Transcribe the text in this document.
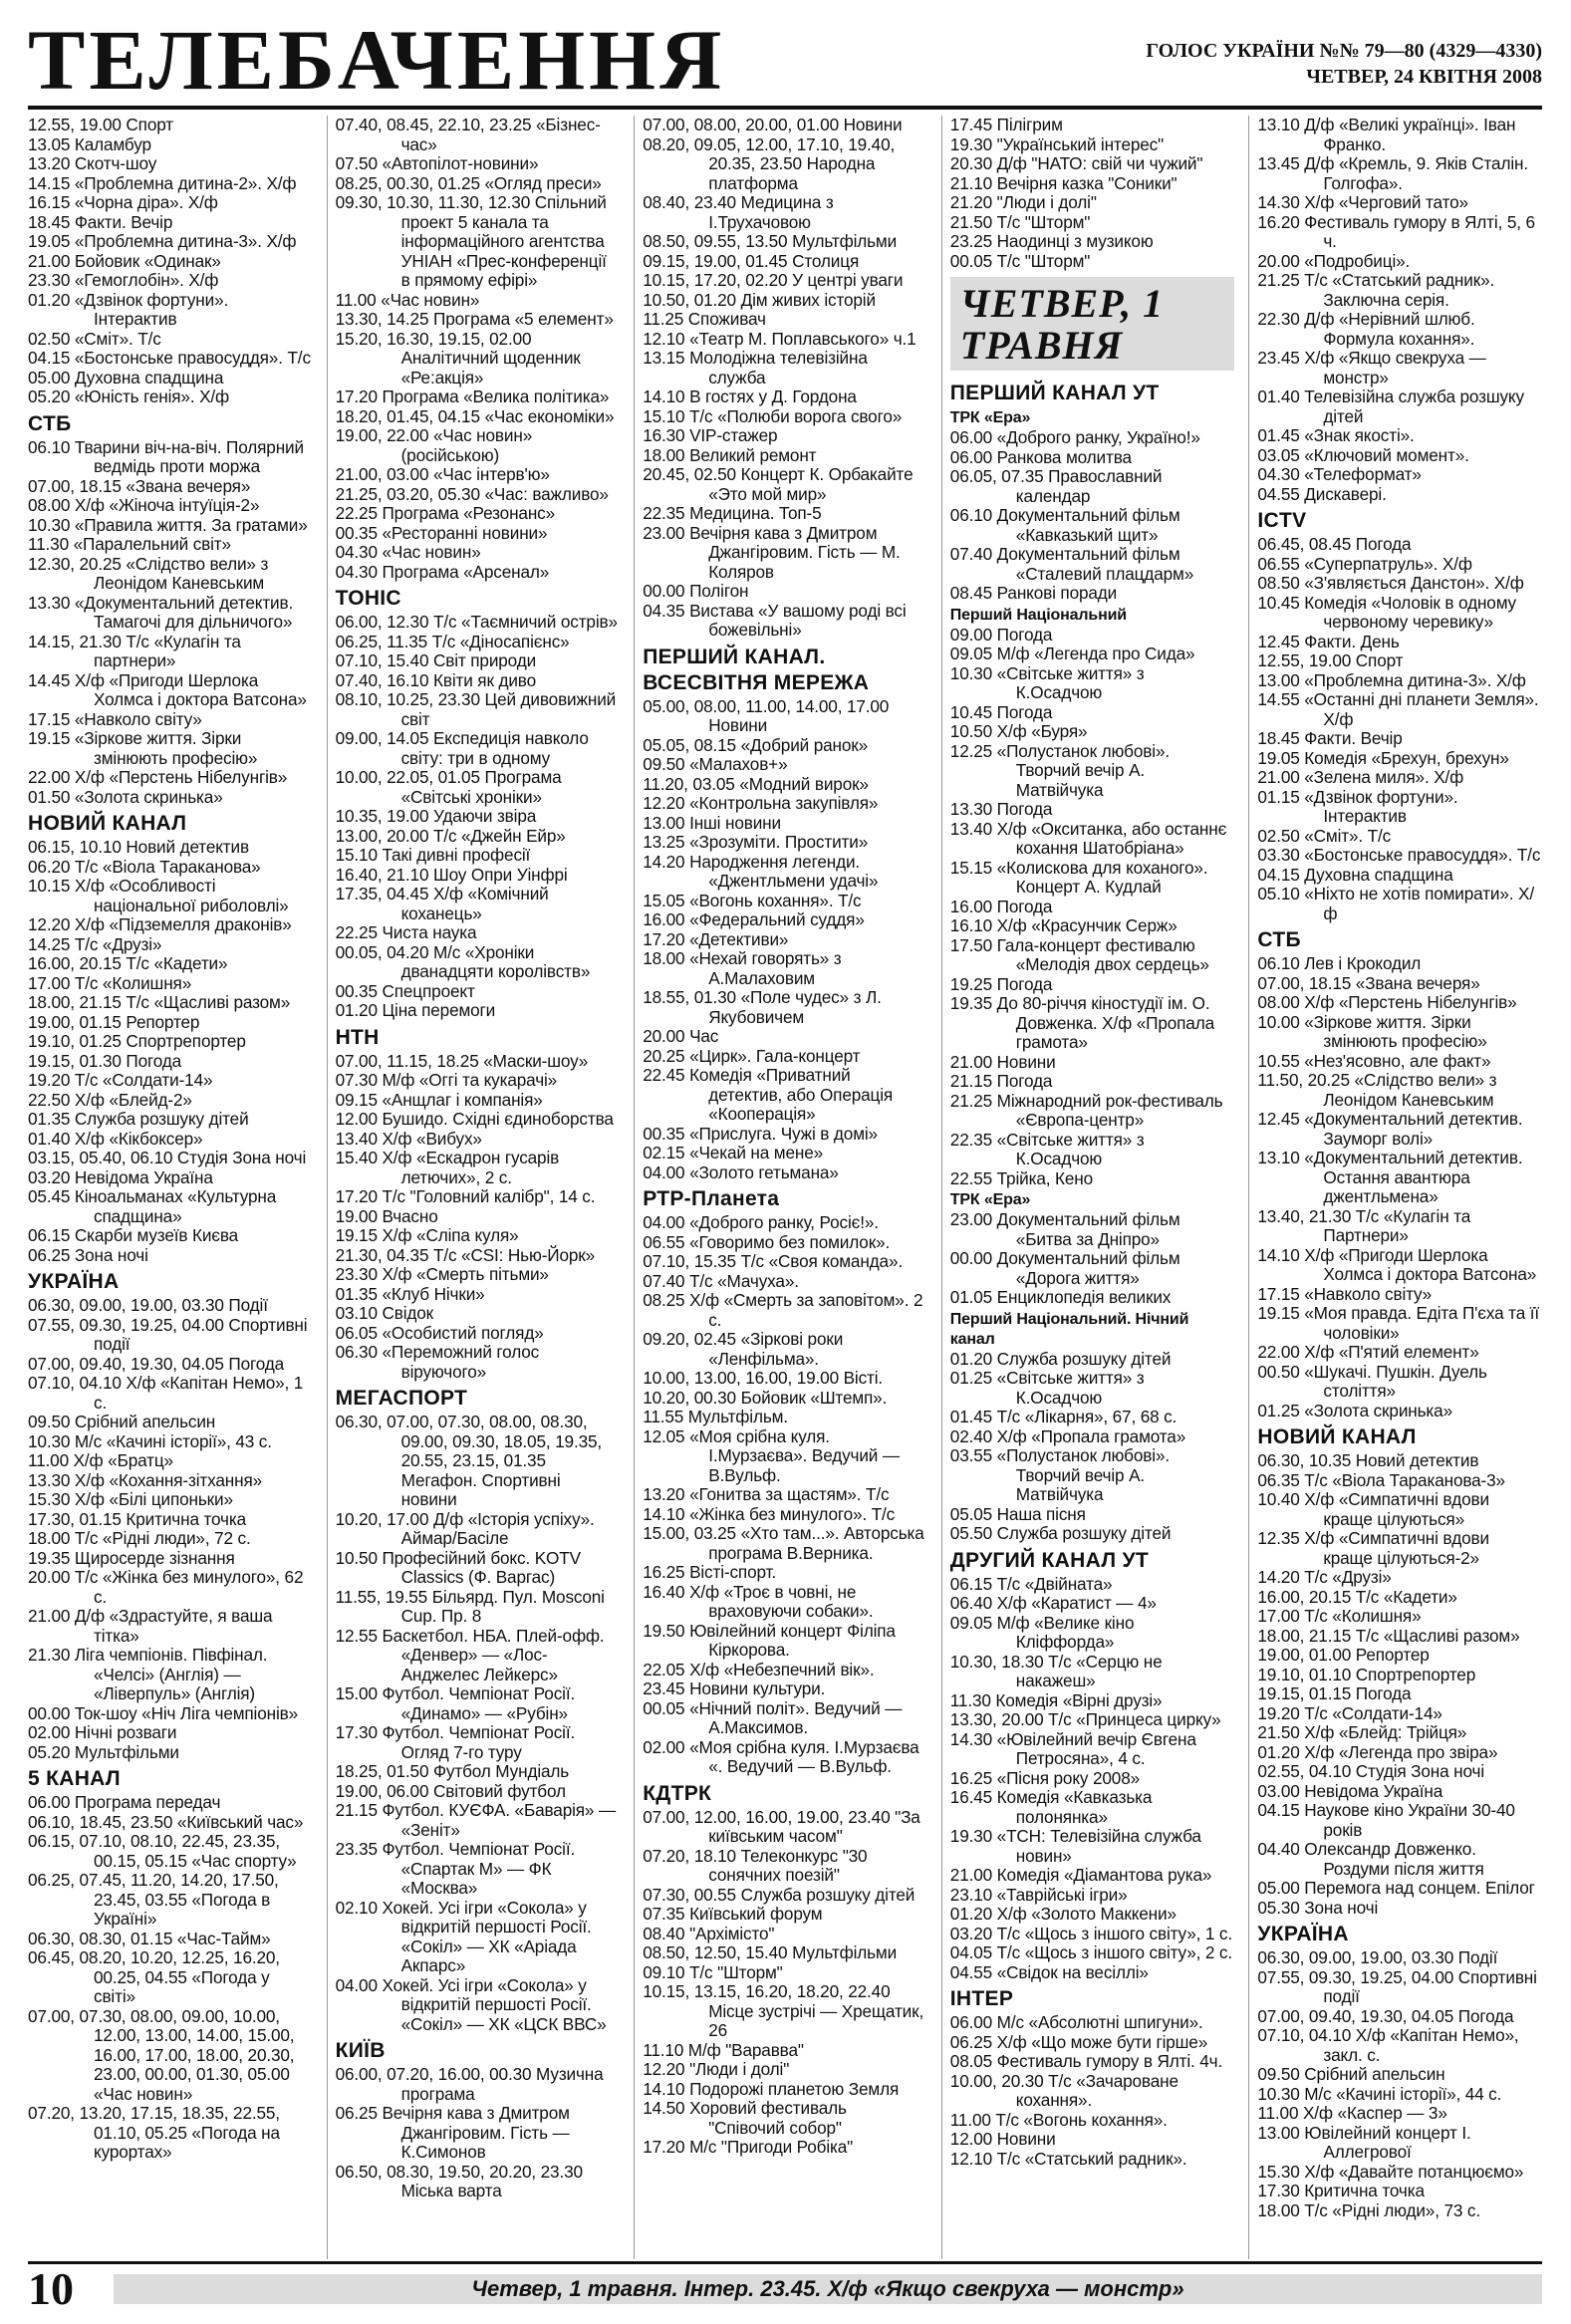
ТЕЛЕБАЧЕННЯ	ГОЛОС УКРАЇНИ №№ 79—80 (4329—4330)
ЧЕТВЕР, 24 КВІТНЯ 2008
12.55, 19.00 Спорт
13.05 Каламбур
13.20 Скотч-шоу
14.15 «Проблемна дитина-2». Х/ф
16.15 «Чорна діра». Х/ф
18.45 Факти. Вечір
19.05 «Проблемна дитина-3». Х/ф
21.00 Бойовик «Одинак»
23.30 «Гемоглобін». Х/ф
01.20 «Дзвінок фортуни». Інтерактив
02.50 «Сміт». Т/с
04.15 «Бостонське правосуддя». Т/с
05.00 Духовна спадщина
05.20 «Юність генія». Х/ф
СТБ
06.10 Тварини віч-на-віч. Полярний ведмідь проти моржа
07.00, 18.15 «Звана вечеря»
08.00 Х/ф «Жіноча інтуїція-2»
10.30 «Правила життя. За гратами»
11.30 «Паралельний світ»
12.30, 20.25 «Слідство вели» з Леонідом Каневським
13.30 «Документальний детектив. Тамагочі для дільничого»
14.15, 21.30 Т/с «Кулагін та партнери»
14.45 Х/ф «Пригоди Шерлока Холмса і доктора Ватсона»
17.15 «Навколо світу»
19.15 «Зіркове життя. Зірки змінюють професію»
22.00 Х/ф «Перстень Нібелунгів»
01.50 «Золота скринька»
НОВИЙ КАНАЛ
06.15, 10.10 Новий детектив
06.20 Т/с «Віола Тараканова»
10.15 Х/ф «Особливості національної риболовлі»
12.20 Х/ф «Підземелля драконів»
14.25 Т/с «Друзі»
16.00, 20.15 Т/с «Кадети»
17.00 Т/с «Колишня»
18.00, 21.15 Т/с «Щасливі разом»
19.00, 01.15 Репортер
19.10, 01.25 Спортрепортер
19.15, 01.30 Погода
19.20 Т/с «Солдати-14»
22.50 Х/ф «Блейд-2»
01.35 Служба розшуку дітей
01.40 Х/ф «Кікбоксер»
03.15, 05.40, 06.10 Студія Зона ночі
03.20 Невідома Україна
05.45 Кіноальманах «Культурна спадщина»
06.15 Скарби музеїв Києва
06.25 Зона ночі
УКРАЇНА
06.30, 09.00, 19.00, 03.30 Події
07.55, 09.30, 19.25, 04.00 Спортивні події
07.00, 09.40, 19.30, 04.05 Погода
07.10, 04.10 Х/ф «Капітан Немо», 1 с.
09.50 Срібний апельсин
10.30 М/с «Качині історії», 43 с.
11.00 Х/ф «Братц»
13.30 Х/ф «Кохання-зітхання»
15.30 Х/ф «Білі ципоньки»
17.30, 01.15 Критична точка
18.00 Т/с «Рідні люди», 72 с.
19.35 Щиросерде зізнання
20.00 Т/с «Жінка без минулого», 62 с.
21.00 Д/ф «Здрастуйте, я ваша тітка»
21.30 Ліга чемпіонів. Півфінал. «Челсі» (Англія) — «Ліверпуль» (Англія)
00.00 Ток-шоу «Ніч Ліга чемпіонів»
02.00 Нічні розваги
05.20 Мультфільми
5 КАНАЛ
06.00 Програма передач
06.10, 18.45, 23.50 «Київський час»
06.15, 07.10, 08.10, 22.45, 23.35, 00.15, 05.15 «Час спорту»
06.25, 07.45, 11.20, 14.20, 17.50, 23.45, 03.55 «Погода в Україні»
06.30, 08.30, 01.15 «Час-Тайм»
06.45, 08.20, 10.20, 12.25, 16.20, 00.25, 04.55 «Погода у світі»
07.00, 07.30, 08.00, 09.00, 10.00, 12.00, 13.00, 14.00, 15.00, 16.00, 17.00, 18.00, 20.30, 23.00, 00.00, 01.30, 05.00 «Час новин»
07.20, 13.20, 17.15, 18.35, 22.55, 01.10, 05.25 «Погода на курортах»
07.40, 08.45, 22.10, 23.25 «Бізнес-час»
07.50 «Автопілот-новини»
08.25, 00.30, 01.25 «Огляд преси»
09.30, 10.30, 11.30, 12.30 Спільний проект 5 канала та інформаційного агентства УНІАН «Прес-конференції в прямому ефірі»
11.00 «Час новин»
13.30, 14.25 Програма «5 елемент»
15.20, 16.30, 19.15, 02.00 Аналітичний щоденник «Ре:акція»
17.20 Програма «Велика політика»
18.20, 01.45, 04.15 «Час економіки»
19.00, 22.00 «Час новин» (російською)
21.00, 03.00 «Час інтерв'ю»
21.25, 03.20, 05.30 «Час: важливо»
22.25 Програма «Резонанс»
00.35 «Ресторанні новини»
04.30 «Час новин»
04.30 Програма «Арсенал»
ТОНІС
06.00, 12.30 Т/с «Таємничий острів»
06.25, 11.35 Т/с «Діносапієнс»
07.10, 15.40 Світ природи
07.40, 16.10 Квіти як диво
08.10, 10.25, 23.30 Цей дивовижний світ
09.00, 14.05 Експедиція навколо світу: три в одному
10.00, 22.05, 01.05 Програма «Світські хроніки»
10.35, 19.00 Удаючи звіра
13.00, 20.00 Т/с «Джейн Ейр»
15.10 Такі дивні професії
16.40, 21.10 Шоу Опри Уінфрі
17.35, 04.45 Х/ф «Комічний коханець»
22.25 Чиста наука
00.05, 04.20 М/с «Хроніки дванадцяти королівств»
00.35 Спецпроект
01.20 Ціна перемоги
НТН
07.00, 11.15, 18.25 «Маски-шоу»
07.30 М/ф «Оггі та кукарачі»
09.15 «Анщлаг і компанія»
12.00 Бушидо. Східні єдиноборства
13.40 Х/ф «Вибух»
15.40 Х/ф «Ескадрон гусарів летючих», 2 с.
17.20 Т/с "Головний калібр", 14 с.
19.00 Вчасно
19.15 Х/ф «Сліпа куля»
21.30, 04.35 Т/с «CSI: Нью-Йорк»
23.30 Х/ф «Смерть пітьми»
01.35 «Клуб Нічки»
03.10 Свідок
06.05 «Особистий погляд»
06.30 «Переможний голос віруючого»
МЕГАСПОРТ
06.30, 07.00, 07.30, 08.00, 08.30, 09.00, 09.30, 18.05, 19.35, 20.55, 23.15, 01.35 Мегафон. Спортивні новини
10.20, 17.00 Д/ф «Історія успіху». Аймар/Басіле
10.50 Професійний бокс. KOTV Classics (Ф. Варгас)
11.55, 19.55 Більярд. Пул. Mosconi Cup. Пр. 8
12.55 Баскетбол. НБА. Плей-офф. «Денвер» — «Лос-Анджелес Лейкерс»
15.00 Футбол. Чемпіонат Росії. «Динамо» — «Рубін»
17.30 Футбол. Чемпіонат Росії. Огляд 7-го туру
18.25, 01.50 Футбол Мундіаль
19.00, 06.00 Світовий футбол
21.15 Футбол. КУЄФА. «Баварія» — «Зеніт»
23.35 Футбол. Чемпіонат Росії. «Спартак М» — ФК «Москва»
02.10 Хокей. Усі ігри «Сокола» у відкритій першості Росії. «Сокіл» — ХК «Аріада Акпарс»
04.00 Хокей. Усі ігри «Сокола» у відкритій першості Росії. «Сокіл» — ХК «ЦСК ВВС»
КИЇВ
06.00, 07.20, 16.00, 00.30 Музична програма
06.25 Вечірня кава з Дмитром Джангіровим. Гість — К.Симонов
06.50, 08.30, 19.50, 20.20, 23.30 Міська варта
07.00, 08.00, 20.00, 01.00 Новини
08.20, 09.05, 12.00, 17.10, 19.40, 20.35, 23.50 Народна платформа
08.40, 23.40 Медицина з І.Трухачовою
08.50, 09.55, 13.50 Мультфільми
09.15, 19.00, 01.45 Столиця
10.15, 17.20, 02.20 У центрі уваги
10.50, 01.20 Дім живих історій
11.25 Споживач
12.10 «Театр М. Поплавського» ч.1
13.15 Молодіжна телевізійна служба
14.10 В гостях у Д. Гордона
15.10 Т/с «Полюби ворога свого»
16.30 VIP-стажер
18.00 Великий ремонт
20.45, 02.50 Концерт К. Орбакайте «Это мой мир»
22.35 Медицина. Топ-5
23.00 Вечірня кава з Дмитром Джангіровим. Гість — М. Коляров
00.00 Полігон
04.35 Вистава «У вашому роді всі божевільні»
ПЕРШИЙ КАНАЛ. ВСЕСВІТНЯ МЕРЕЖА
05.00, 08.00, 11.00, 14.00, 17.00 Новини
05.05, 08.15 «Добрий ранок»
09.50 «Малахов+»
11.20, 03.05 «Модний вирок»
12.20 «Контрольна закупівля»
13.00 Інші новини
13.25 «Зрозуміти. Простити»
14.20 Народження легенди. «Джентльмени удачі»
15.05 «Вогонь кохання». Т/с
16.00 «Федеральний суддя»
17.20 «Детективи»
18.00 «Нехай говорять» з А.Малаховим
18.55, 01.30 «Поле чудес» з Л. Якубовичем
20.00 Час
20.25 «Цирк». Гала-концерт
22.45 Комедія «Приватний детектив, або Операція «Кооперація»
00.35 «Прислуга. Чужі в домі»
02.15 «Чекай на мене»
04.00 «Золото гетьмана»
РТР-Планета
04.00 «Доброго ранку, Росіє!».
06.55 «Говоримо без помилок».
07.10, 15.35 Т/с «Своя команда».
07.40 Т/с «Мачуха».
08.25 Х/ф «Смерть за заповітом». 2 с.
09.20, 02.45 «Зіркові роки «Ленфільма».
10.00, 13.00, 16.00, 19.00 Вісті.
10.20, 00.30 Бойовик «Штемп».
11.55 Мультфільм.
12.05 «Моя срібна куля. І.Мурзаєва». Ведучий — В.Вульф.
13.20 «Гонитва за щастям». Т/с
14.10 «Жінка без минулого». Т/с
15.00, 03.25 «Хто там...». Авторська програма В.Верника.
16.25 Вісті-спорт.
16.40 Х/ф «Троє в човні, не враховуючи собаки».
19.50 Ювілейний концерт Філіпа Кіркорова.
22.05 Х/ф «Небезпечний вік».
23.45 Новини культури.
00.05 «Нічний політ». Ведучий — А.Максимов.
02.00 «Моя срібна куля. І.Мурзаєва «. Ведучий — В.Вульф.
КДТРК
07.00, 12.00, 16.00, 19.00, 23.40 "За київським часом"
07.20, 18.10 Телеконкурс "30 сонячних поезій"
07.30, 00.55 Служба розшуку дітей
07.35 Київський форум
08.40 "Архімісто"
08.50, 12.50, 15.40 Мультфільми
09.10 Т/с "Шторм"
10.15, 13.15, 16.20, 18.20, 22.40 Місце зустрічі — Хрещатик, 26
11.10 М/ф "Варавва"
12.20 "Люди і долі"
14.10 Подорожі планетою Земля
14.50 Хоровий фестиваль "Співочий собор"
17.20 М/с "Пригоди Робіка"
17.45 Пілігрим
19.30 "Український інтерес"
20.30 Д/ф "НАТО: свій чи чужий"
21.10 Вечірня казка "Соники"
21.20 "Люди і долі"
21.50 Т/с "Шторм"
23.25 Наодинці з музикою
00.05 Т/с "Шторм"
ЧЕТВЕР, 1 ТРАВНЯ
ПЕРШИЙ КАНАЛ УТ
ТРК «Ера»
06.00 «Доброго ранку, Україно!»
06.00 Ранкова молитва
06.05, 07.35 Православний календар
06.10 Документальний фільм «Кавказький щит»
07.40 Документальний фільм «Сталевий плацдарм»
08.45 Ранкові поради
Перший Національний
09.00 Погода
09.05 М/ф «Легенда про Сида»
10.30 «Світське життя» з К.Осадчою
10.45 Погода
10.50 Х/ф «Буря»
12.25 «Полустанок любові». Творчий вечір А. Матвійчука
13.30 Погода
13.40 Х/ф «Окситанка, або останнє кохання Шатобріана»
15.15 «Колискова для коханого». Концерт А. Кудлай
16.00 Погода
16.10 Х/ф «Красунчик Серж»
17.50 Гала-концерт фестивалю «Мелодія двох сердець»
19.25 Погода
19.35 До 80-річчя кіностудії ім. О. Довженка. Х/ф «Пропала грамота»
21.00 Новини
21.15 Погода
21.25 Міжнародний рок-фестиваль «Європа-центр»
22.35 «Світське життя» з К.Осадчою
22.55 Трійка, Кено
ТРК «Ера»
23.00 Документальний фільм «Битва за Дніпро»
00.00 Документальний фільм «Дорога життя»
01.05 Енциклопедія великих
Перший Національний. Нічний канал
01.20 Служба розшуку дітей
01.25 «Світське життя» з К.Осадчою
01.45 Т/с «Лікарня», 67, 68 с.
02.40 Х/ф «Пропала грамота»
03.55 «Полустанок любові». Творчий вечір А. Матвійчука
05.05 Наша пісня
05.50 Служба розшуку дітей
ДРУГИЙ КАНАЛ УТ
06.15 Т/с «Двійната»
06.40 Х/ф «Каратист — 4»
09.05 М/ф «Велике кіно Кліффорда»
10.30, 18.30 Т/с «Серцю не накажеш»
11.30 Комедія «Вірні друзі»
13.30, 20.00 Т/с «Принцеса цирку»
14.30 «Ювілейний вечір Євгена Петросяна», 4 с.
16.25 «Пісня року 2008»
16.45 Комедія «Кавказька полонянка»
19.30 «ТСН: Телевізійна служба новин»
21.00 Комедія «Діамантова рука»
23.10 «Таврійські ігри»
01.20 Х/ф «Золото Маккени»
03.20 Т/с «Щось з іншого світу», 1 с.
04.05 Т/с «Щось з іншого світу», 2 с.
04.55 «Свідок на весіллі»
ІНТЕР
06.00 М/с «Абсолютні шпигуни».
06.25 Х/ф «Що може бути гірше»
08.05 Фестиваль гумору в Ялті. 4ч.
10.00, 20.30 Т/с «Зачароване кохання».
11.00 Т/с «Вогонь кохання».
12.00 Новини
12.10 Т/с «Статський радник».
13.10 Д/ф «Великі українці». Іван Франко.
13.45 Д/ф «Кремль, 9. Яків Сталін. Голгофа».
14.30 Х/ф «Черговий тато»
16.20 Фестиваль гумору в Ялті, 5, 6 ч.
20.00 «Подробиці».
21.25 Т/с «Статський радник». Заключна серія.
22.30 Д/ф «Нерівний шлюб. Формула кохання».
23.45 Х/ф «Якщо свекруха — монстр»
01.40 Телевізійна служба розшуку дітей
01.45 «Знак якості».
03.05 «Ключовий момент».
04.30 «Телеформат»
04.55 Дискавері.
ICTV
06.45, 08.45 Погода
06.55 «Суперпатруль». Х/ф
08.50 «З'являється Данстон». Х/ф
10.45 Комедія «Чоловік в одному червоному черевику»
12.45 Факти. День
12.55, 19.00 Спорт
13.00 «Проблемна дитина-3». Х/ф
14.55 «Останні дні планети Земля». Х/ф
18.45 Факти. Вечір
19.05 Комедія «Брехун, брехун»
21.00 «Зелена миля». Х/ф
01.15 «Дзвінок фортуни». Інтерактив
02.50 «Сміт». Т/с
03.30 «Бостонське правосуддя». Т/с
04.15 Духовна спадщина
05.10 «Ніхто не хотів помирати». Х/ф
СТБ
06.10 Лев і Крокодил
07.00, 18.15 «Звана вечеря»
08.00 Х/ф «Перстень Нібелунгів»
10.00 «Зіркове життя. Зірки змінюють професію»
10.55 «Нез'ясовно, але факт»
11.50, 20.25 «Слідство вели» з Леонідом Каневським
12.45 «Документальний детектив. Заумоpг волі»
13.10 «Документальний детектив. Остання авантюра джентльмена»
13.40, 21.30 Т/с «Кулагін та Партнери»
14.10 Х/ф «Пригоди Шерлока Холмса і доктора Ватсона»
17.15 «Навколо світу»
19.15 «Моя правда. Едіта П'єха та її чоловіки»
22.00 Х/ф «П'ятий елемент»
00.50 «Шукачі. Пушкін. Дуель століття»
01.25 «Золота скринька»
НОВИЙ КАНАЛ
06.30, 10.35 Новий детектив
06.35 Т/с «Віола Тараканова-3»
10.40 Х/ф «Симпатичні вдови краще цілуються»
12.35 Х/ф «Симпатичні вдови краще цілуються-2»
14.20 Т/с «Друзі»
16.00, 20.15 Т/с «Кадети»
17.00 Т/с «Колишня»
18.00, 21.15 Т/с «Щасливі разом»
19.00, 01.00 Репортер
19.10, 01.10 Спортрепортер
19.15, 01.15 Погода
19.20 Т/с «Солдати-14»
21.50 Х/ф «Блейд: Трійця»
01.20 Х/ф «Легенда про звіра»
02.55, 04.10 Студія Зона ночі
03.00 Невідома Україна
04.15 Наукове кіно України 30-40 років
04.40 Олександр Довженко. Роздуми після життя
05.00 Перемога над сонцем. Епілог
05.30 Зона ночі
УКРАЇНА
06.30, 09.00, 19.00, 03.30 Події
07.55, 09.30, 19.25, 04.00 Спортивні події
07.00, 09.40, 19.30, 04.05 Погода
07.10, 04.10 Х/ф «Капітан Немо», закл. с.
09.50 Срібний апельсин
10.30 М/с «Качині історії», 44 с.
11.00 Х/ф «Каспер — 3»
13.00 Ювілейний концерт І. Аллегрової
15.30 Х/ф «Давайте потанцюємо»
17.30 Критична точка
18.00 Т/с «Рідні люди», 73 с.
10	Четвер, 1 травня. Інтер. 23.45. Х/ф «Якщо свекруха — монстр»
